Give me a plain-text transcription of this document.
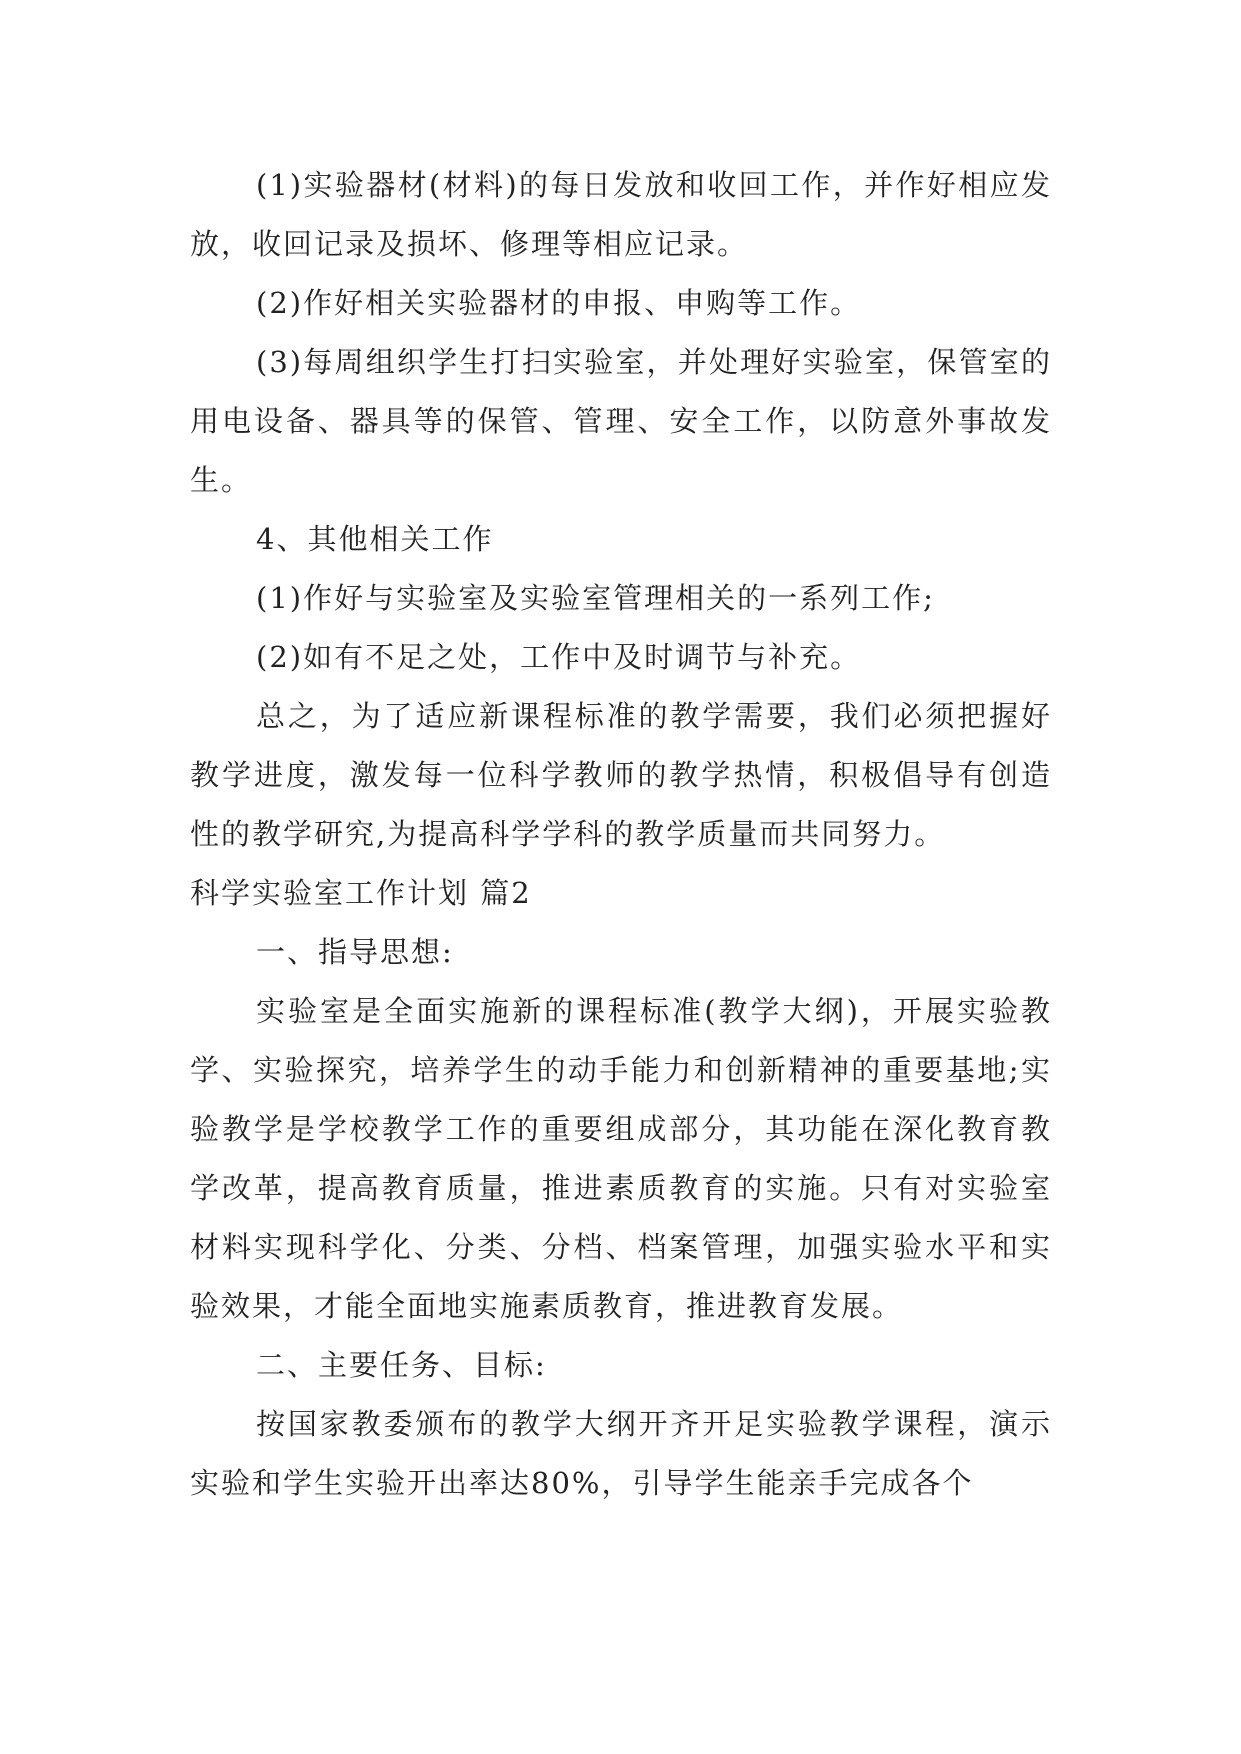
(1)实验器材(材料)的每日发放和收回工作，并作好相应发放，收回记录及损坏、修理等相应记录。

(2)作好相关实验器材的申报、申购等工作。

(3)每周组织学生打扫实验室，并处理好实验室，保管室的用电设备、器具等的保管、管理、安全工作，以防意外事故发生。

4、其他相关工作

(1)作好与实验室及实验室管理相关的一系列工作;

(2)如有不足之处，工作中及时调节与补充。

总之，为了适应新课程标准的教学需要，我们必须把握好教学进度，激发每一位科学教师的教学热情，积极倡导有创造性的教学研究,为提高科学学科的教学质量而共同努力。

科学实验室工作计划 篇2

一、指导思想:

实验室是全面实施新的课程标准(教学大纲)，开展实验教学、实验探究，培养学生的动手能力和创新精神的重要基地;实验教学是学校教学工作的重要组成部分，其功能在深化教育教学改革，提高教育质量，推进素质教育的实施。只有对实验室材料实现科学化、分类、分档、档案管理，加强实验水平和实验效果，才能全面地实施素质教育，推进教育发展。

二、主要任务、目标:

按国家教委颁布的教学大纲开齐开足实验教学课程，演示实验和学生实验开出率达80%，引导学生能亲手完成各个
